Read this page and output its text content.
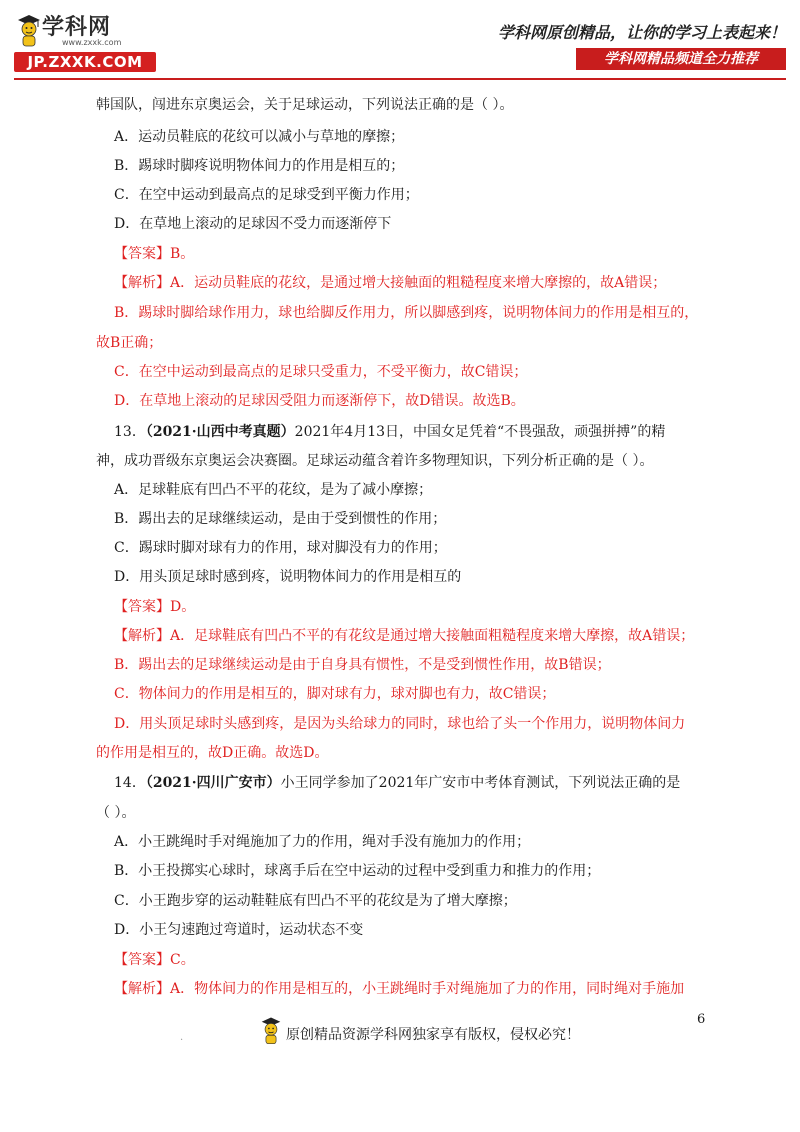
学科网
www.zxxk.com
JP.ZXXK.COM
学科网原创精品，让你的学习上表起来！
学科网精品频道全力推荐
韩国队，闯进东京奥运会，关于足球运动，下列说法正确的是（ ）。
A．运动员鞋底的花纹可以减小与草地的摩擦；
B．踢球时脚疼说明物体间力的作用是相互的；
C．在空中运动到最高点的足球受到平衡力作用；
D．在草地上滚动的足球因不受力而逐渐停下
【答案】B。
【解析】A．运动员鞋底的花纹，是通过增大接触面的粗糙程度来增大摩擦的，故A错误；
B．踢球时脚给球作用力，球也给脚反作用力，所以脚感到疼，说明物体间力的作用是相互的，
故B正确；
C．在空中运动到最高点的足球只受重力，不受平衡力，故C错误；
D．在草地上滚动的足球因受阻力而逐渐停下，故D错误。故选B。
13．（2021·山西中考真题）2021年4月13日，中国女足凭着“不畏强敌，顽强拼搏”的精
神，成功晋级东京奥运会决赛圈。足球运动蕴含着许多物理知识，下列分析正确的是（ ）。
A．足球鞋底有凹凸不平的花纹，是为了减小摩擦；
B．踢出去的足球继续运动，是由于受到惯性的作用；
C．踢球时脚对球有力的作用，球对脚没有力的作用；
D．用头顶足球时感到疼，说明物体间力的作用是相互的
【答案】D。
【解析】A．足球鞋底有凹凸不平的有花纹是通过增大接触面粗糙程度来增大摩擦，故A错误；
B．踢出去的足球继续运动是由于自身具有惯性，不是受到惯性作用，故B错误；
C．物体间力的作用是相互的，脚对球有力，球对脚也有力，故C错误；
D．用头顶足球时头感到疼，是因为头给球力的同时，球也给了头一个作用力，说明物体间力
的作用是相互的，故D正确。故选D。
14．（2021·四川广安市）小王同学参加了2021年广安市中考体育测试，下列说法正确的是
（ ）。
A．小王跳绳时手对绳施加了力的作用，绳对手没有施加力的作用；
B．小王投掷实心球时，球离手后在空中运动的过程中受到重力和推力的作用；
C．小王跑步穿的运动鞋鞋底有凹凸不平的花纹是为了增大摩擦；
D．小王匀速跑过弯道时，运动状态不变
【答案】C。
【解析】A．物体间力的作用是相互的，小王跳绳时手对绳施加了力的作用，同时绳对手施加
6
.	原创精品资源学科网独家享有版权，侵权必究！
